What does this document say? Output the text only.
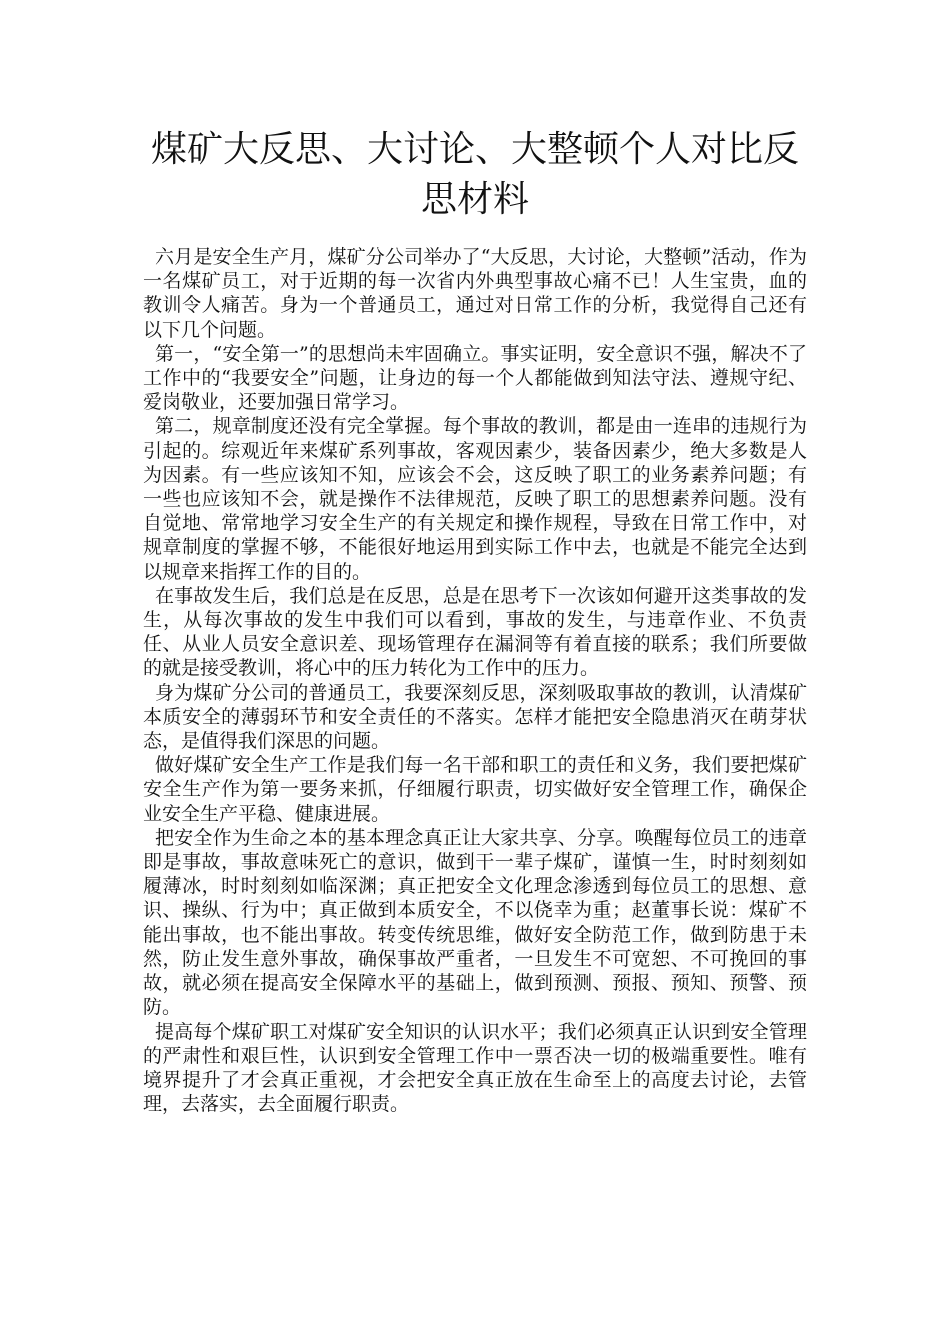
煤矿大反思、大讨论、大整顿个人对比反思材料

六月是安全生产月，煤矿分公司举办了“大反思，大讨论，大整顿”活动，作为一名煤矿员工，对于近期的每一次省内外典型事故心痛不已！人生宝贵，血的教训令人痛苦。身为一个普通员工，通过对日常工作的分析，我觉得自己还有以下几个问题。

第一，“安全第一”的思想尚未牢固确立。事实证明，安全意识不强，解决不了工作中的“我要安全”问题，让身边的每一个人都能做到知法守法、遵规守纪、爱岗敬业，还要加强日常学习。

第二，规章制度还没有完全掌握。每个事故的教训，都是由一连串的违规行为引起的。综观近年来煤矿系列事故，客观因素少，装备因素少，绝大多数是人为因素。有一些应该知不知，应该会不会，这反映了职工的业务素养问题；有一些也应该知不会，就是操作不法律规范，反映了职工的思想素养问题。没有自觉地、常常地学习安全生产的有关规定和操作规程，导致在日常工作中，对规章制度的掌握不够，不能很好地运用到实际工作中去，也就是不能完全达到以规章来指挥工作的目的。

在事故发生后，我们总是在反思，总是在思考下一次该如何避开这类事故的发生，从每次事故的发生中我们可以看到，事故的发生，与违章作业、不负责任、从业人员安全意识差、现场管理存在漏洞等有着直接的联系；我们所要做的就是接受教训，将心中的压力转化为工作中的压力。

身为煤矿分公司的普通员工，我要深刻反思，深刻吸取事故的教训，认清煤矿本质安全的薄弱环节和安全责任的不落实。怎样才能把安全隐患消灭在萌芽状态，是值得我们深思的问题。

做好煤矿安全生产工作是我们每一名干部和职工的责任和义务，我们要把煤矿安全生产作为第一要务来抓，仔细履行职责，切实做好安全管理工作，确保企业安全生产平稳、健康进展。

把安全作为生命之本的基本理念真正让大家共享、分享。唤醒每位员工的违章即是事故，事故意味死亡的意识，做到干一辈子煤矿，谨慎一生，时时刻刻如履薄冰，时时刻刻如临深渊；真正把安全文化理念渗透到每位员工的思想、意识、操纵、行为中；真正做到本质安全，不以侥幸为重；赵董事长说：煤矿不能出事故，也不能出事故。转变传统思维，做好安全防范工作，做到防患于未然，防止发生意外事故，确保事故严重者，一旦发生不可宽恕、不可挽回的事故，就必须在提高安全保障水平的基础上，做到预测、预报、预知、预警、预防。

提高每个煤矿职工对煤矿安全知识的认识水平；我们必须真正认识到安全管理的严肃性和艰巨性，认识到安全管理工作中一票否决一切的极端重要性。唯有境界提升了才会真正重视，才会把安全真正放在生命至上的高度去讨论，去管理，去落实，去全面履行职责。
